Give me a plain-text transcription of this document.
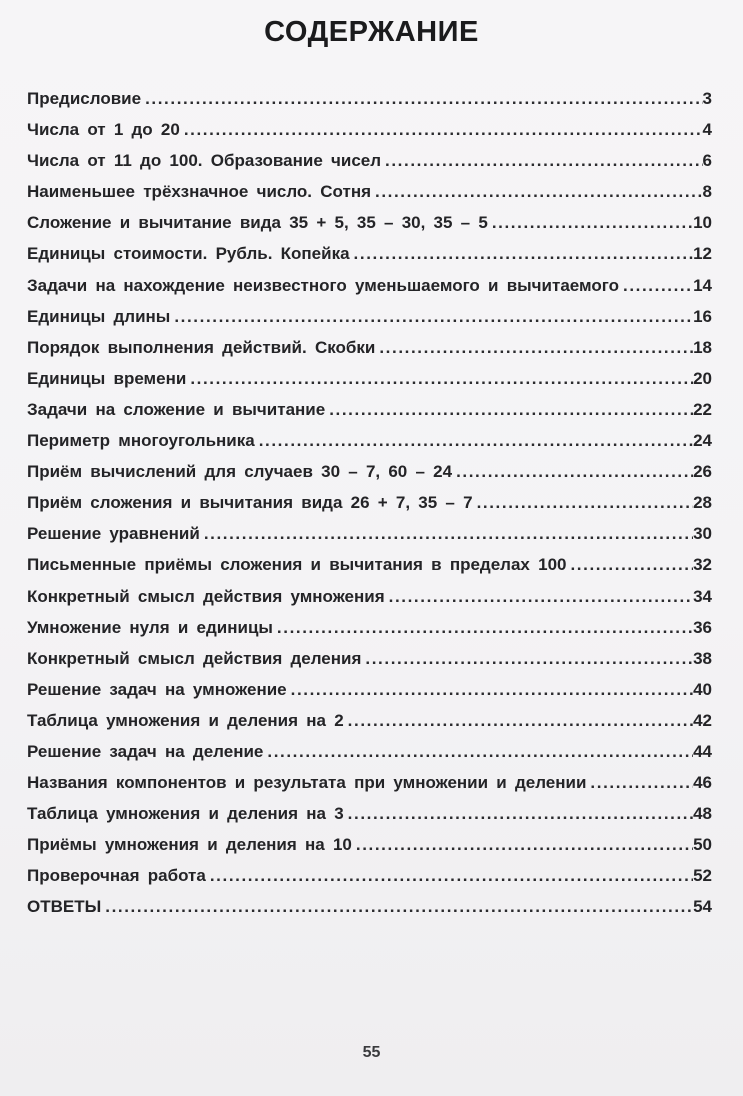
СОДЕРЖАНИЕ
Предисловие .....	3
Числа от 1 до 20 .....	4
Числа от 11 до 100. Образование чисел .....	6
Наименьшее трёхзначное число. Сотня .....	8
Сложение и вычитание вида 35 + 5, 35 – 30, 35 – 5 .....	10
Единицы стоимости. Рубль. Копейка .....	12
Задачи на нахождение неизвестного уменьшаемого и вычитаемого .....	14
Единицы длины .....	16
Порядок выполнения действий. Скобки .....	18
Единицы времени .....	20
Задачи на сложение и вычитание .....	22
Периметр многоугольника .....	24
Приём вычислений для случаев 30 – 7, 60 – 24 .....	26
Приём сложения и вычитания вида 26 + 7, 35 – 7 .....	28
Решение уравнений .....	30
Письменные приёмы сложения и вычитания в пределах 100 .....	32
Конкретный смысл действия умножения .....	34
Умножение нуля и единицы .....	36
Конкретный смысл действия деления .....	38
Решение задач на умножение .....	40
Таблица умножения и деления на 2 .....	42
Решение задач на деление .....	44
Названия компонентов и результата при умножении и делении .....	46
Таблица умножения и деления на 3 .....	48
Приёмы умножения и деления на 10 .....	50
Проверочная работа .....	52
ОТВЕТЫ .....	54
55
